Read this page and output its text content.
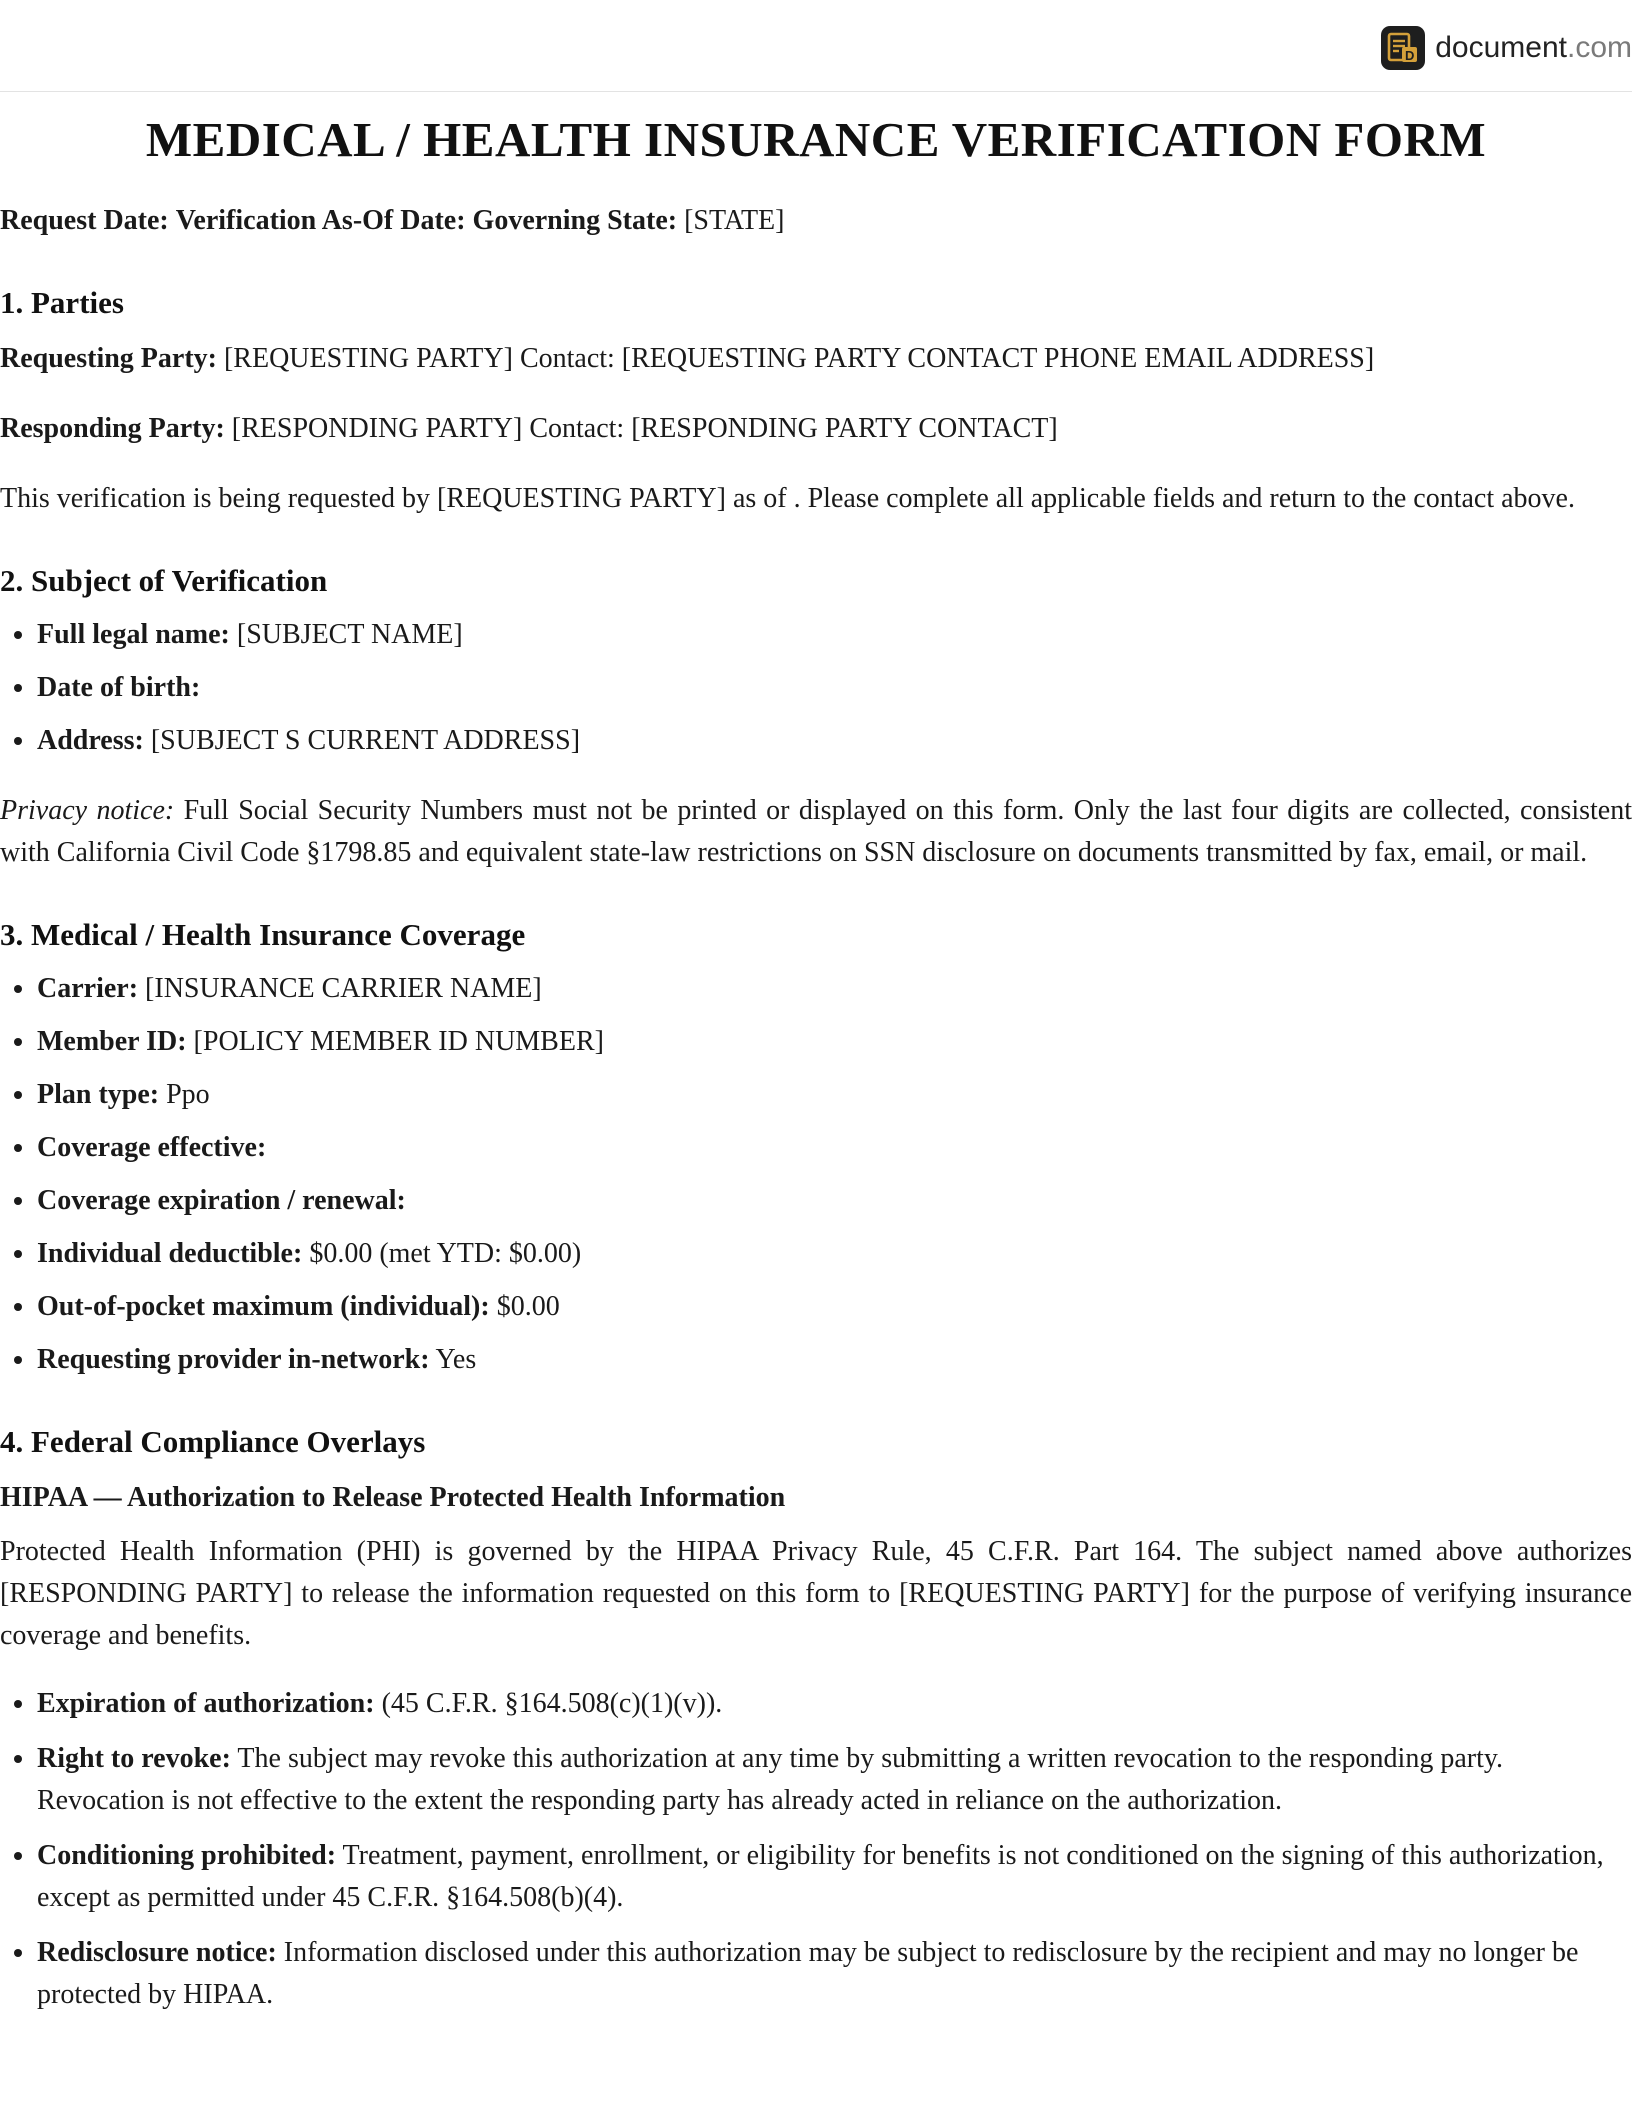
D document.com
MEDICAL / HEALTH INSURANCE VERIFICATION FORM

Request Date: Verification As-Of Date: Governing State: [STATE]

1. Parties

Requesting Party: [REQUESTING PARTY] Contact: [REQUESTING PARTY CONTACT PHONE EMAIL ADDRESS]

Responding Party: [RESPONDING PARTY] Contact: [RESPONDING PARTY CONTACT]

This verification is being requested by [REQUESTING PARTY] as of . Please complete all applicable fields and return to the contact above.

2. Subject of Verification
• Full legal name: [SUBJECT NAME]
• Date of birth:
• Address: [SUBJECT S CURRENT ADDRESS]

Privacy notice: Full Social Security Numbers must not be printed or displayed on this form. Only the last four digits are collected, consistent with California Civil Code §1798.85 and equivalent state-law restrictions on SSN disclosure on documents transmitted by fax, email, or mail.

3. Medical / Health Insurance Coverage
• Carrier: [INSURANCE CARRIER NAME]
• Member ID: [POLICY MEMBER ID NUMBER]
• Plan type: Ppo
• Coverage effective:
• Coverage expiration / renewal:
• Individual deductible: $0.00 (met YTD: $0.00)
• Out-of-pocket maximum (individual): $0.00
• Requesting provider in-network: Yes
4. Federal Compliance Overlays

HIPAA — Authorization to Release Protected Health Information

Protected Health Information (PHI) is governed by the HIPAA Privacy Rule, 45 C.F.R. Part 164. The subject named above authorizes [RESPONDING PARTY] to release the information requested on this form to [REQUESTING PARTY] for the purpose of verifying insurance coverage and benefits.

• Expiration of authorization: (45 C.F.R. §164.508(c)(1)(v)).
• Right to revoke: The subject may revoke this authorization at any time by submitting a written revocation to the responding party. Revocation is not effective to the extent the responding party has already acted in reliance on the authorization.
• Conditioning prohibited: Treatment, payment, enrollment, or eligibility for benefits is not conditioned on the signing of this authorization, except as permitted under 45 C.F.R. §164.508(b)(4).
• Redisclosure notice: Information disclosed under this authorization may be subject to redisclosure by the recipient and may no longer be protected by HIPAA.
